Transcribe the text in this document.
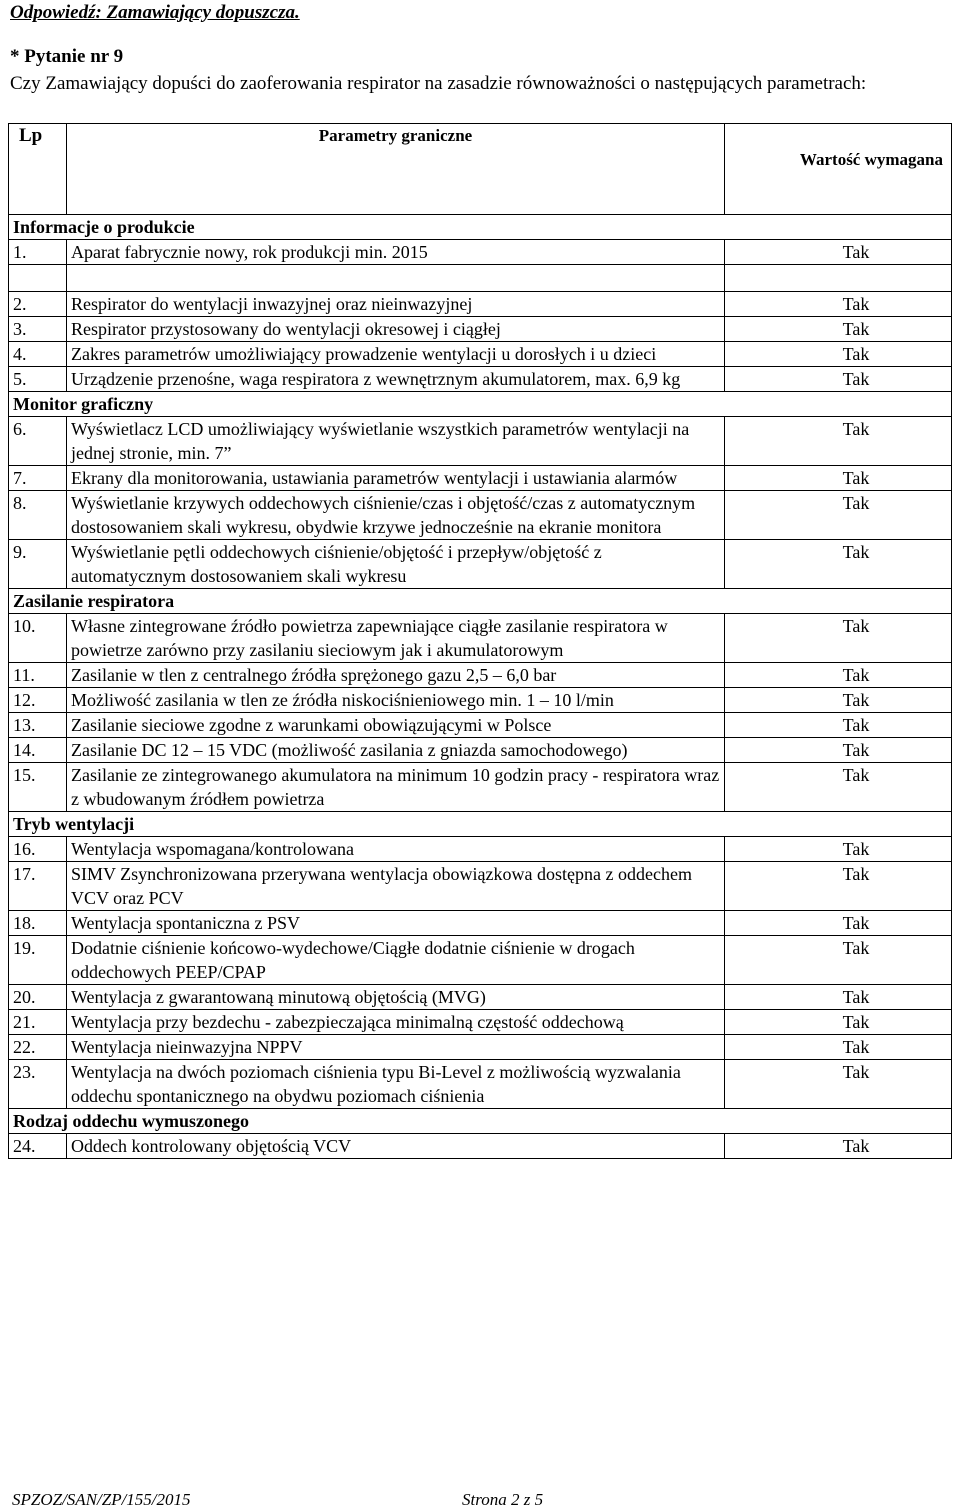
Odpowiedź: Zamawiający dopuszcza.
* Pytanie nr 9
Czy Zamawiający dopuści do zaoferowania respirator na zasadzie równoważności o następujących parametrach:
Lp	Parametry graniczne	Wartość wymagana
Informacje o produkcie		
1.	Aparat fabrycznie nowy, rok produkcji min. 2015	Tak

2.	Respirator do wentylacji inwazyjnej oraz nieinwazyjnej	Tak
3.	Respirator przystosowany do wentylacji okresowej i ciągłej	Tak
4.	Zakres parametrów umożliwiający prowadzenie wentylacji u dorosłych i u dzieci	Tak
5.	Urządzenie przenośne, waga respiratora z wewnętrznym akumulatorem, max. 6,9 kg	Tak
Monitor graficzny		
6.	Wyświetlacz LCD umożliwiający wyświetlanie wszystkich parametrów wentylacji na jednej stronie, min. 7”	Tak
7.	Ekrany dla monitorowania, ustawiania parametrów wentylacji i ustawiania alarmów	Tak
8.	Wyświetlanie krzywych oddechowych ciśnienie/czas i objętość/czas z automatycznym dostosowaniem skali wykresu, obydwie krzywe jednocześnie na ekranie monitora	Tak
9.	Wyświetlanie pętli oddechowych ciśnienie/objętość i przepływ/objętość z automatycznym dostosowaniem skali wykresu	Tak
Zasilanie respiratora		
10.	Własne zintegrowane źródło powietrza zapewniające ciągłe zasilanie respiratora w powietrze zarówno przy zasilaniu sieciowym jak i akumulatorowym	Tak
11.	Zasilanie w tlen z centralnego źródła sprężonego gazu 2,5 – 6,0 bar	Tak
12.	Możliwość zasilania w tlen ze źródła niskociśnieniowego min. 1 – 10 l/min	Tak
13.	Zasilanie sieciowe zgodne z warunkami obowiązującymi w Polsce	Tak
14.	Zasilanie DC 12 – 15 VDC (możliwość zasilania z gniazda samochodowego)	Tak
15.	Zasilanie ze zintegrowanego akumulatora na minimum 10 godzin pracy - respiratora wraz z wbudowanym źródłem powietrza	Tak
Tryb wentylacji		
16.	Wentylacja wspomagana/kontrolowana	Tak
17.	SIMV Zsynchronizowana przerywana wentylacja obowiązkowa dostępna z oddechem VCV oraz PCV	Tak
18.	Wentylacja spontaniczna z PSV	Tak
19.	Dodatnie ciśnienie końcowo-wydechowe/Ciągłe dodatnie ciśnienie w drogach oddechowych PEEP/CPAP	Tak
20.	Wentylacja z gwarantowaną minutową objętością (MVG)	Tak
21.	Wentylacja przy bezdechu - zabezpieczająca minimalną częstość oddechową	Tak
22.	Wentylacja nieinwazyjna NPPV	Tak
23.	Wentylacja na dwóch poziomach ciśnienia typu Bi-Level z możliwością wyzwalania oddechu spontanicznego na obydwu poziomach ciśnienia	Tak
Rodzaj oddechu wymuszonego		
24.	Oddech kontrolowany objętością VCV	Tak
SPZOZ/SAN/ZP/155/2015	Strona 2 z 5
